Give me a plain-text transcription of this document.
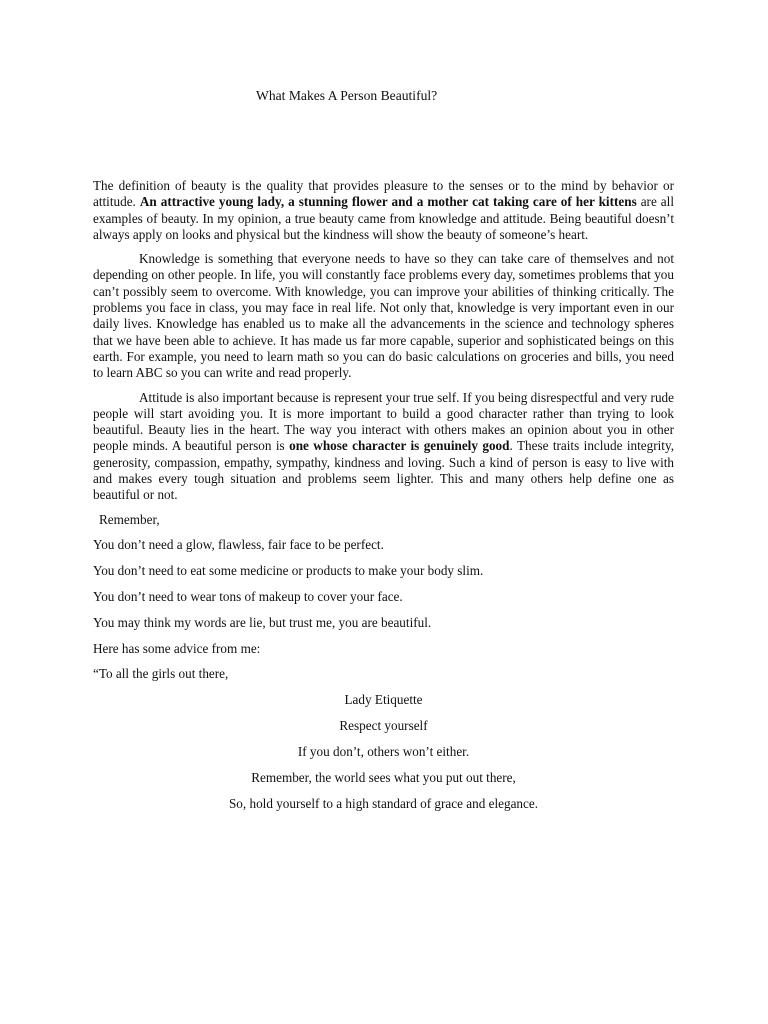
What Makes A Person Beautiful?

The definition of beauty is the quality that provides pleasure to the senses or to the mind by behavior or attitude. An attractive young lady, a stunning flower and a mother cat taking care of her kittens are all examples of beauty. In my opinion, a true beauty came from knowledge and attitude. Being beautiful doesn’t always apply on looks and physical but the kindness will show the beauty of someone’s heart.

Knowledge is something that everyone needs to have so they can take care of themselves and not depending on other people. In life, you will constantly face problems every day, sometimes problems that you can’t possibly seem to overcome. With knowledge, you can improve your abilities of thinking critically. The problems you face in class, you may face in real life. Not only that, knowledge is very important even in our daily lives. Knowledge has enabled us to make all the advancements in the science and technology spheres that we have been able to achieve. It has made us far more capable, superior and sophisticated beings on this earth. For example, you need to learn math so you can do basic calculations on groceries and bills, you need to learn ABC so you can write and read properly.

Attitude is also important because is represent your true self. If you being disrespectful and very rude people will start avoiding you. It is more important to build a good character rather than trying to look beautiful. Beauty lies in the heart. The way you interact with others makes an opinion about you in other people minds. A beautiful person is one whose character is genuinely good. These traits include integrity, generosity, compassion, empathy, sympathy, kindness and loving. Such a kind of person is easy to live with and makes every tough situation and problems seem lighter. This and many others help define one as beautiful or not.

Remember,
You don’t need a glow, flawless, fair face to be perfect.
You don’t need to eat some medicine or products to make your body slim.
You don’t need to wear tons of makeup to cover your face.
You may think my words are lie, but trust me, you are beautiful.
Here has some advice from me:
“To all the girls out there,
Lady Etiquette
Respect yourself
If you don’t, others won’t either.
Remember, the world sees what you put out there,
So, hold yourself to a high standard of grace and elegance.
